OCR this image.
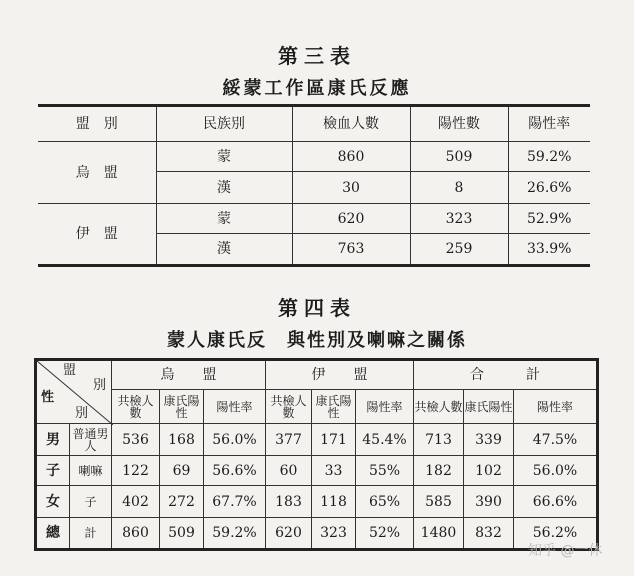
第三表
綏蒙工作區康氏反應
盟　別	民族別	檢血人數	陽性數	陽性率
烏　盟	蒙	860	509	59.2%
	漢	30	8	26.6%
伊　盟	蒙	620	323	52.9%
	漢	763	259	33.9%
第四表
蒙人康氏反　與性別及喇嘛之關係
盟
別
性
別		烏　　盟			伊　　盟			合　　　計		
		共檢人數	康氏陽性	陽性率	共檢人數	康氏陽性	陽性率	共檢人數	康氏陽性	陽性率
男	普通男人	536	168	56.0%	377	171	45.4%	713	339	47.5%
子	喇嘛	122	69	56.6%	60	33	55%	182	102	56.0%
女	子	402	272	67.7%	183	118	65%	585	390	66.6%
總	計	860	509	59.2%	620	323	52%	1480	832	56.2%
知乎 @一休
